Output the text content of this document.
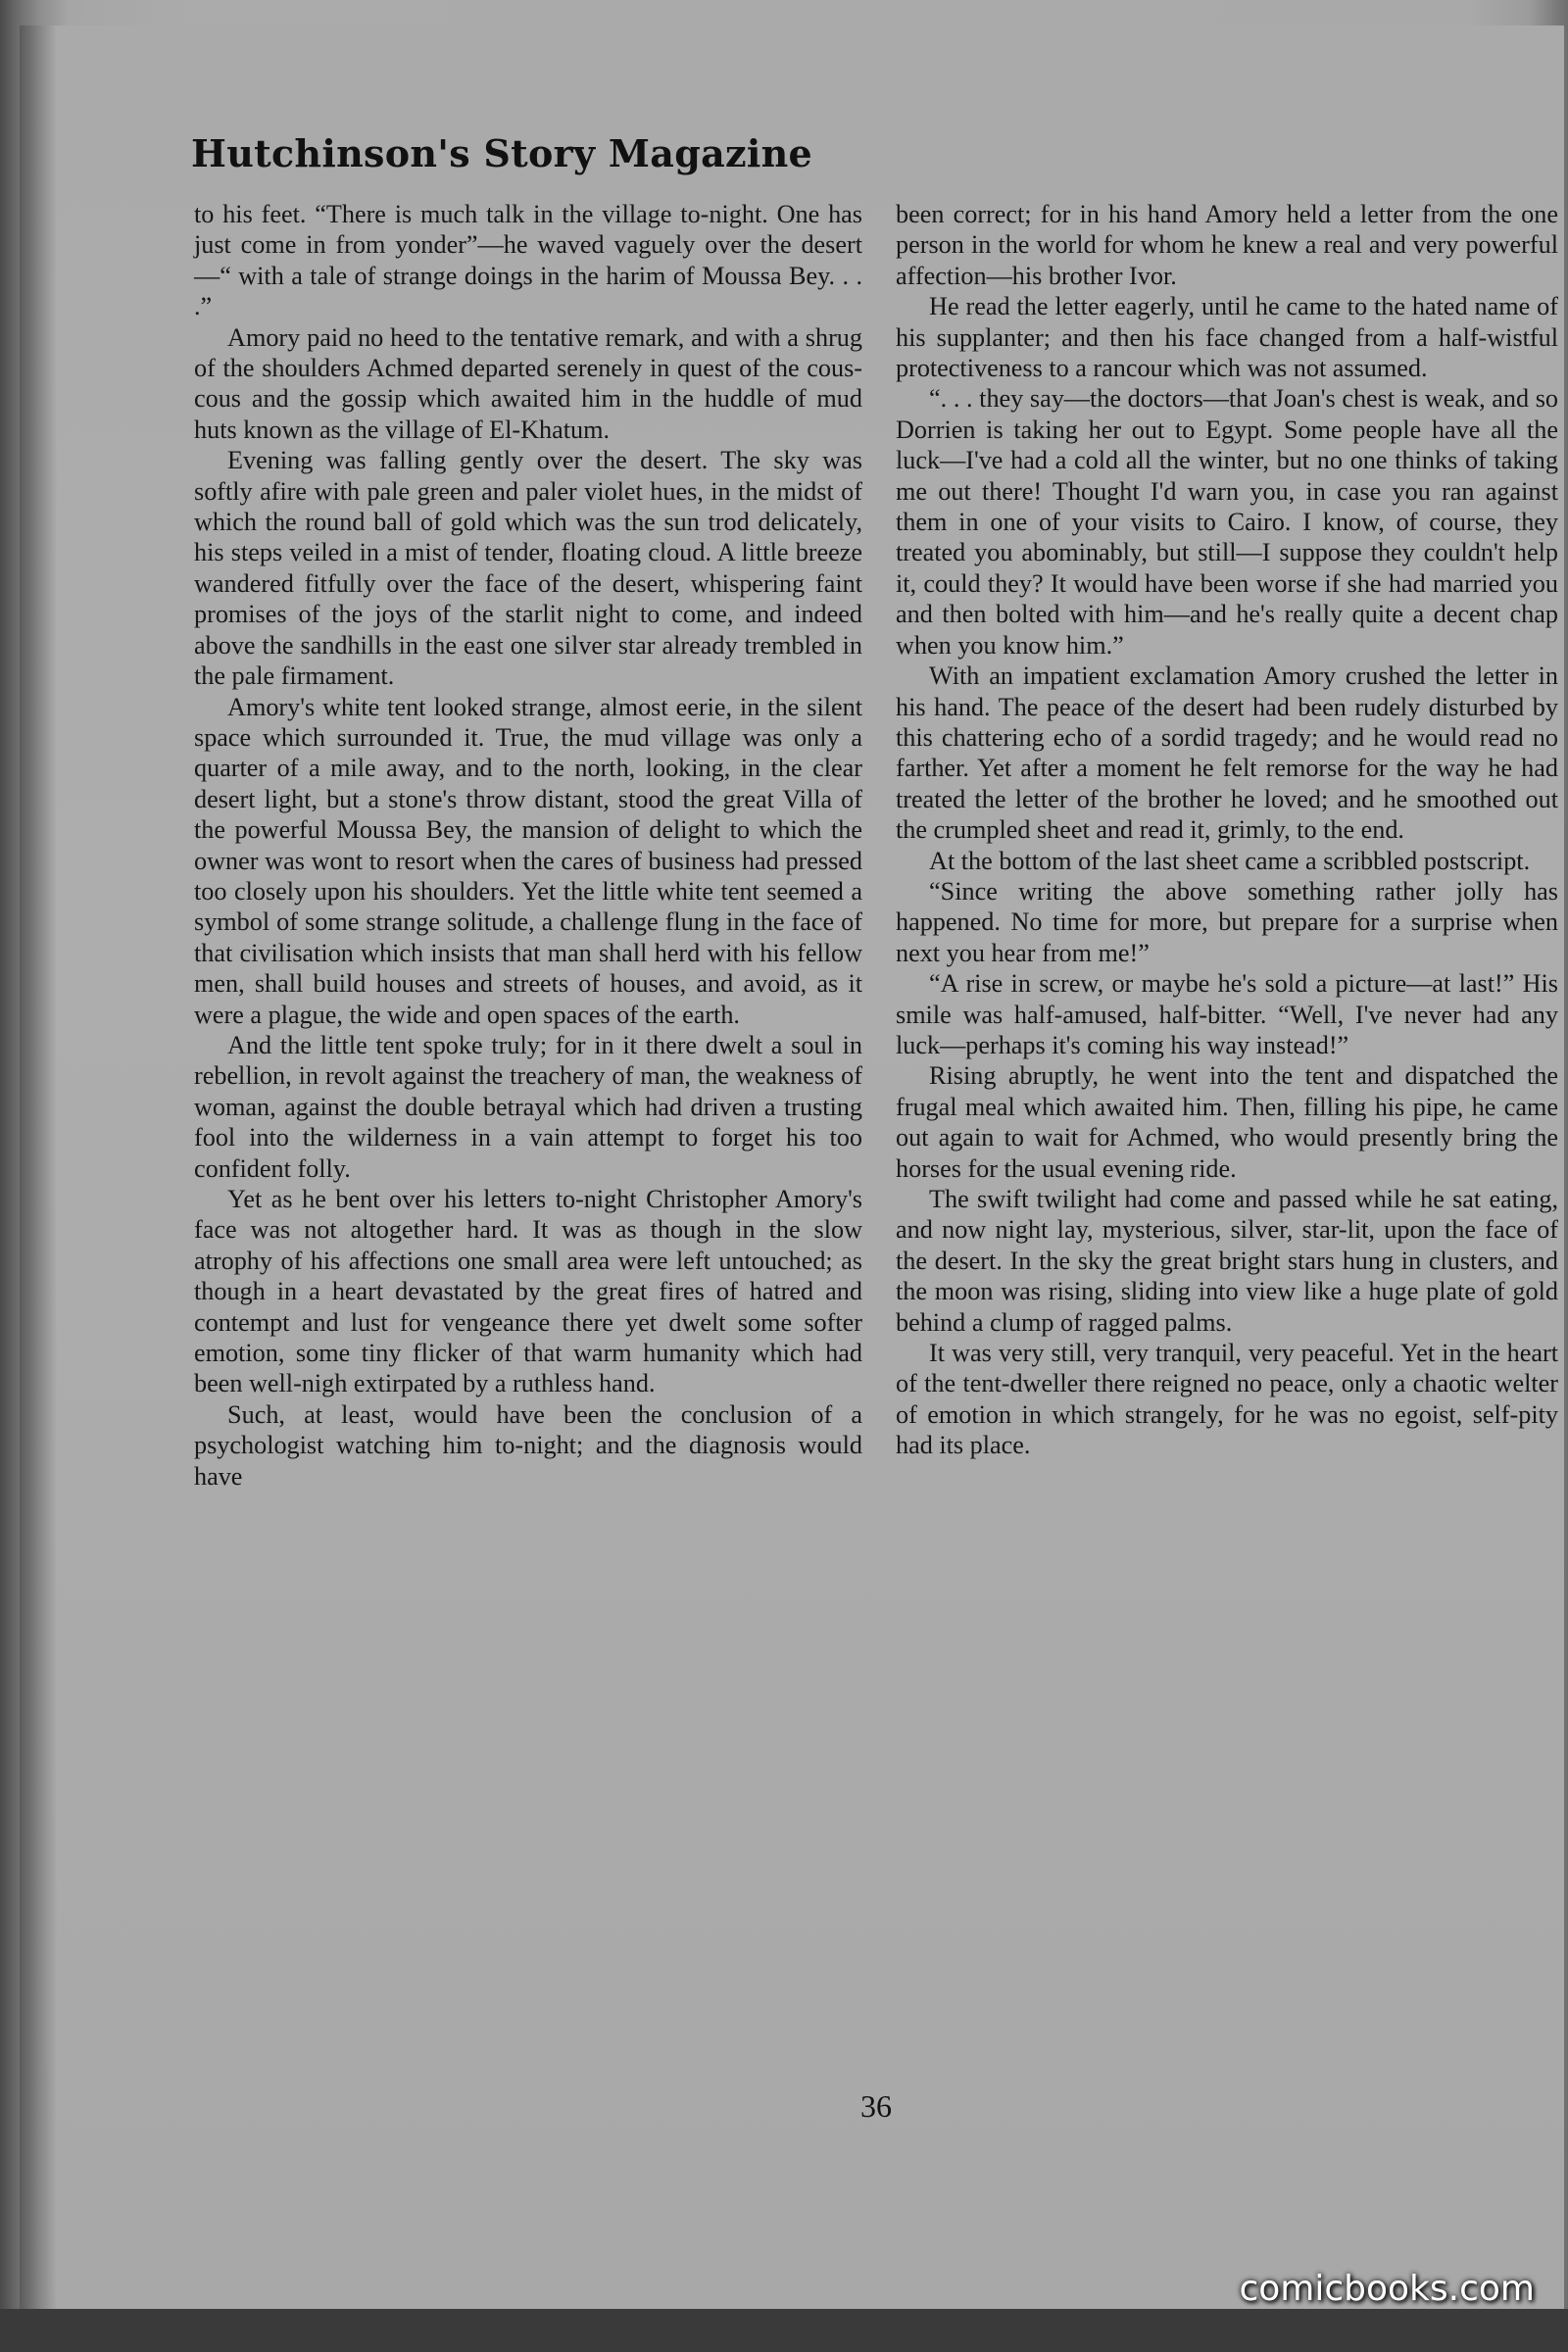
Hutchinson's Story Magazine

to his feet. “There is much talk in the village to-night. One has just come in from yonder”—he waved vaguely over the desert—“ with a tale of strange doings in the harim of Moussa Bey. . . .”

Amory paid no heed to the tentative remark, and with a shrug of the shoulders Achmed departed serenely in quest of the cous-cous and the gossip which awaited him in the huddle of mud huts known as the village of El-Khatum.

Evening was falling gently over the desert. The sky was softly afire with pale green and paler violet hues, in the midst of which the round ball of gold which was the sun trod delicately, his steps veiled in a mist of tender, floating cloud. A little breeze wandered fitfully over the face of the desert, whispering faint promises of the joys of the starlit night to come, and indeed above the sandhills in the east one silver star already trembled in the pale firmament.

Amory's white tent looked strange, almost eerie, in the silent space which surrounded it. True, the mud village was only a quarter of a mile away, and to the north, looking, in the clear desert light, but a stone's throw distant, stood the great Villa of the powerful Moussa Bey, the mansion of delight to which the owner was wont to resort when the cares of business had pressed too closely upon his shoulders. Yet the little white tent seemed a symbol of some strange solitude, a challenge flung in the face of that civilisation which insists that man shall herd with his fellow men, shall build houses and streets of houses, and avoid, as it were a plague, the wide and open spaces of the earth.

And the little tent spoke truly; for in it there dwelt a soul in rebellion, in revolt against the treachery of man, the weakness of woman, against the double betrayal which had driven a trusting fool into the wilderness in a vain attempt to forget his too confident folly.

Yet as he bent over his letters to-night Christopher Amory's face was not altogether hard. It was as though in the slow atrophy of his affections one small area were left untouched; as though in a heart devastated by the great fires of hatred and contempt and lust for vengeance there yet dwelt some softer emotion, some tiny flicker of that warm humanity which had been well-nigh extirpated by a ruthless hand.

Such, at least, would have been the conclusion of a psychologist watching him to-night; and the diagnosis would have

been correct; for in his hand Amory held a letter from the one person in the world for whom he knew a real and very powerful affection—his brother Ivor.

He read the letter eagerly, until he came to the hated name of his supplanter; and then his face changed from a half-wistful protectiveness to a rancour which was not assumed.

“. . . they say—the doctors—that Joan's chest is weak, and so Dorrien is taking her out to Egypt. Some people have all the luck—I've had a cold all the winter, but no one thinks of taking me out there! Thought I'd warn you, in case you ran against them in one of your visits to Cairo. I know, of course, they treated you abominably, but still—I suppose they couldn't help it, could they? It would have been worse if she had married you and then bolted with him—and he's really quite a decent chap when you know him.”

With an impatient exclamation Amory crushed the letter in his hand. The peace of the desert had been rudely disturbed by this chattering echo of a sordid tragedy; and he would read no farther. Yet after a moment he felt remorse for the way he had treated the letter of the brother he loved; and he smoothed out the crumpled sheet and read it, grimly, to the end.

At the bottom of the last sheet came a scribbled postscript.

“Since writing the above something rather jolly has happened. No time for more, but prepare for a surprise when next you hear from me!”

“A rise in screw, or maybe he's sold a picture—at last!” His smile was half-amused, half-bitter. “Well, I've never had any luck—perhaps it's coming his way instead!”

Rising abruptly, he went into the tent and dispatched the frugal meal which awaited him. Then, filling his pipe, he came out again to wait for Achmed, who would presently bring the horses for the usual evening ride.

The swift twilight had come and passed while he sat eating, and now night lay, mysterious, silver, star-lit, upon the face of the desert. In the sky the great bright stars hung in clusters, and the moon was rising, sliding into view like a huge plate of gold behind a clump of ragged palms.

It was very still, very tranquil, very peaceful. Yet in the heart of the tent-dweller there reigned no peace, only a chaotic welter of emotion in which strangely, for he was no egoist, self-pity had its place.

36
comicbooks.com
